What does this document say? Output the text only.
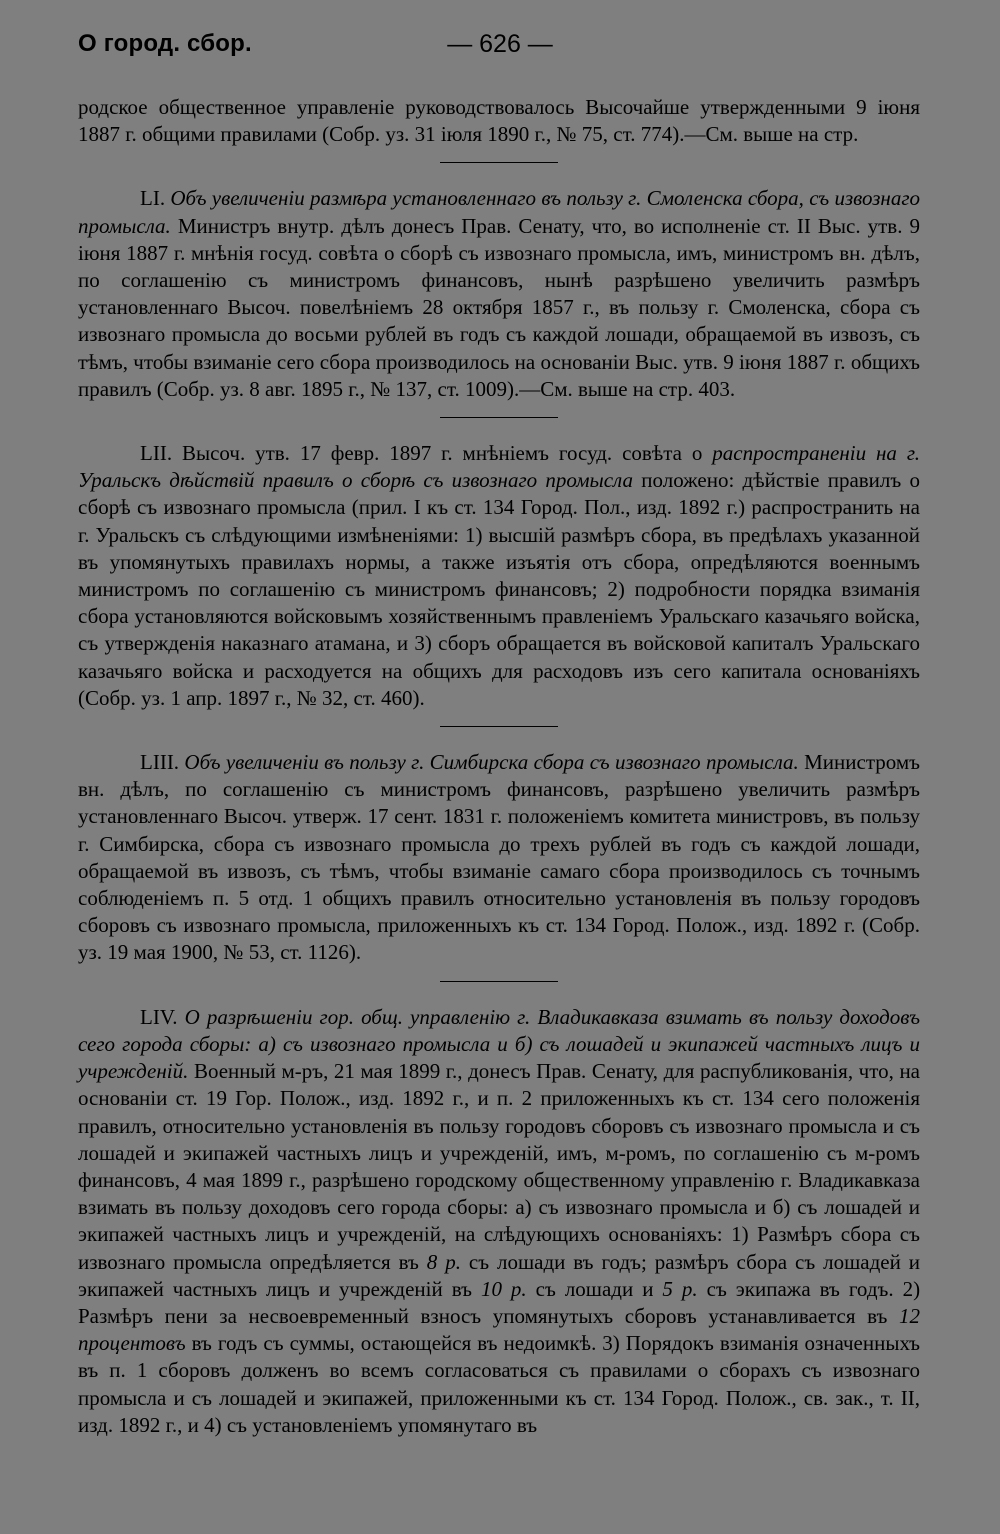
О город. сбор.	— 626 —

родское общественное управленіе руководствовалось Высочайше утвержденными 9 іюня 1887 г. общими правилами (Собр. уз. 31 іюля 1890 г., № 75, ст. 774).—См. выше на стр.

LI. Объ увеличеніи размѣра установленнаго въ пользу г. Смоленска сбора, съ извознаго промысла. Министръ внутр. дѣлъ донесъ Прав. Сенату, что, во исполненіе ст. II Выс. утв. 9 іюня 1887 г. мнѣнія госуд. совѣта о сборѣ съ извознаго промысла, имъ, министромъ вн. дѣлъ, по соглашенію съ министромъ финансовъ, нынѣ разрѣшено увеличить размѣръ установленнаго Высоч. повелѣніемъ 28 октября 1857 г., въ пользу г. Смоленска, сбора съ извознаго промысла до восьми рублей въ годъ съ каждой лошади, обращаемой въ извозъ, съ тѣмъ, чтобы взиманіе сего сбора производилось на основаніи Выс. утв. 9 іюня 1887 г. общихъ правилъ (Собр. уз. 8 авг. 1895 г., № 137, ст. 1009).—См. выше на стр. 403.

LII. Высоч. утв. 17 февр. 1897 г. мнѣніемъ госуд. совѣта о распространеніи на г. Уральскъ дѣйствій правилъ о сборѣ съ извознаго промысла положено: дѣйствіе правилъ о сборѣ съ извознаго промысла (прил. I къ ст. 134 Город. Пол., изд. 1892 г.) распространить на г. Уральскъ съ слѣдующими измѣненіями: 1) высшій размѣръ сбора, въ предѣлахъ указанной въ упомянутыхъ правилахъ нормы, а также изъятія отъ сбора, опредѣляются военнымъ министромъ по соглашенію съ министромъ финансовъ; 2) подробности порядка взиманія сбора установляются войсковымъ хозяйственнымъ правленіемъ Уральскаго казачьяго войска, съ утвержденія наказнаго атамана, и 3) сборъ обращается въ войсковой капиталъ Уральскаго казачьяго войска и расходуется на общихъ для расходовъ изъ сего капитала основаніяхъ (Собр. уз. 1 апр. 1897 г., № 32, ст. 460).

LIII. Объ увеличеніи въ пользу г. Симбирска сбора съ извознаго промысла. Министромъ вн. дѣлъ, по соглашенію съ министромъ финансовъ, разрѣшено увеличить размѣръ установленнаго Высоч. утверж. 17 сент. 1831 г. положеніемъ комитета министровъ, въ пользу г. Симбирска, сбора съ извознаго промысла до трехъ рублей въ годъ съ каждой лошади, обращаемой въ извозъ, съ тѣмъ, чтобы взиманіе самаго сбора производилось съ точнымъ соблюденіемъ п. 5 отд. 1 общихъ правилъ относительно установленія въ пользу городовъ сборовъ съ извознаго промысла, приложенныхъ къ ст. 134 Город. Полож., изд. 1892 г. (Собр. уз. 19 мая 1900, № 53, ст. 1126).

LIV. О разрѣшеніи гор. общ. управленію г. Владикавказа взимать въ пользу доходовъ сего города сборы: а) съ извознаго промысла и б) съ лошадей и экипажей частныхъ лицъ и учрежденій. Военный м-ръ, 21 мая 1899 г., донесъ Прав. Сенату, для распубликованія, что, на основаніи ст. 19 Гор. Полож., изд. 1892 г., и п. 2 приложенныхъ къ ст. 134 сего положенія правилъ, относительно установленія въ пользу городовъ сборовъ съ извознаго промысла и съ лошадей и экипажей частныхъ лицъ и учрежденій, имъ, м-ромъ, по соглашенію съ м-ромъ финансовъ, 4 мая 1899 г., разрѣшено городскому общественному управленію г. Владикавказа взимать въ пользу доходовъ сего города сборы: а) съ извознаго промысла и б) съ лошадей и экипажей частныхъ лицъ и учрежденій, на слѣдующихъ основаніяхъ: 1) Размѣръ сбора съ извознаго промысла опредѣляется въ 8 р. съ лошади въ годъ; размѣръ сбора съ лошадей и экипажей частныхъ лицъ и учрежденій въ 10 р. съ лошади и 5 р. съ экипажа въ годъ. 2) Размѣръ пени за несвоевременный взносъ упомянутыхъ сборовъ устанавливается въ 12 процентовъ въ годъ съ суммы, остающейся въ недоимкѣ. 3) Порядокъ взиманія означенныхъ въ п. 1 сборовъ долженъ во всемъ согласоваться съ правилами о сборахъ съ извознаго промысла и съ лошадей и экипажей, приложенными къ ст. 134 Город. Полож., св. зак., т. II, изд. 1892 г., и 4) съ установленіемъ упомянутаго въ
